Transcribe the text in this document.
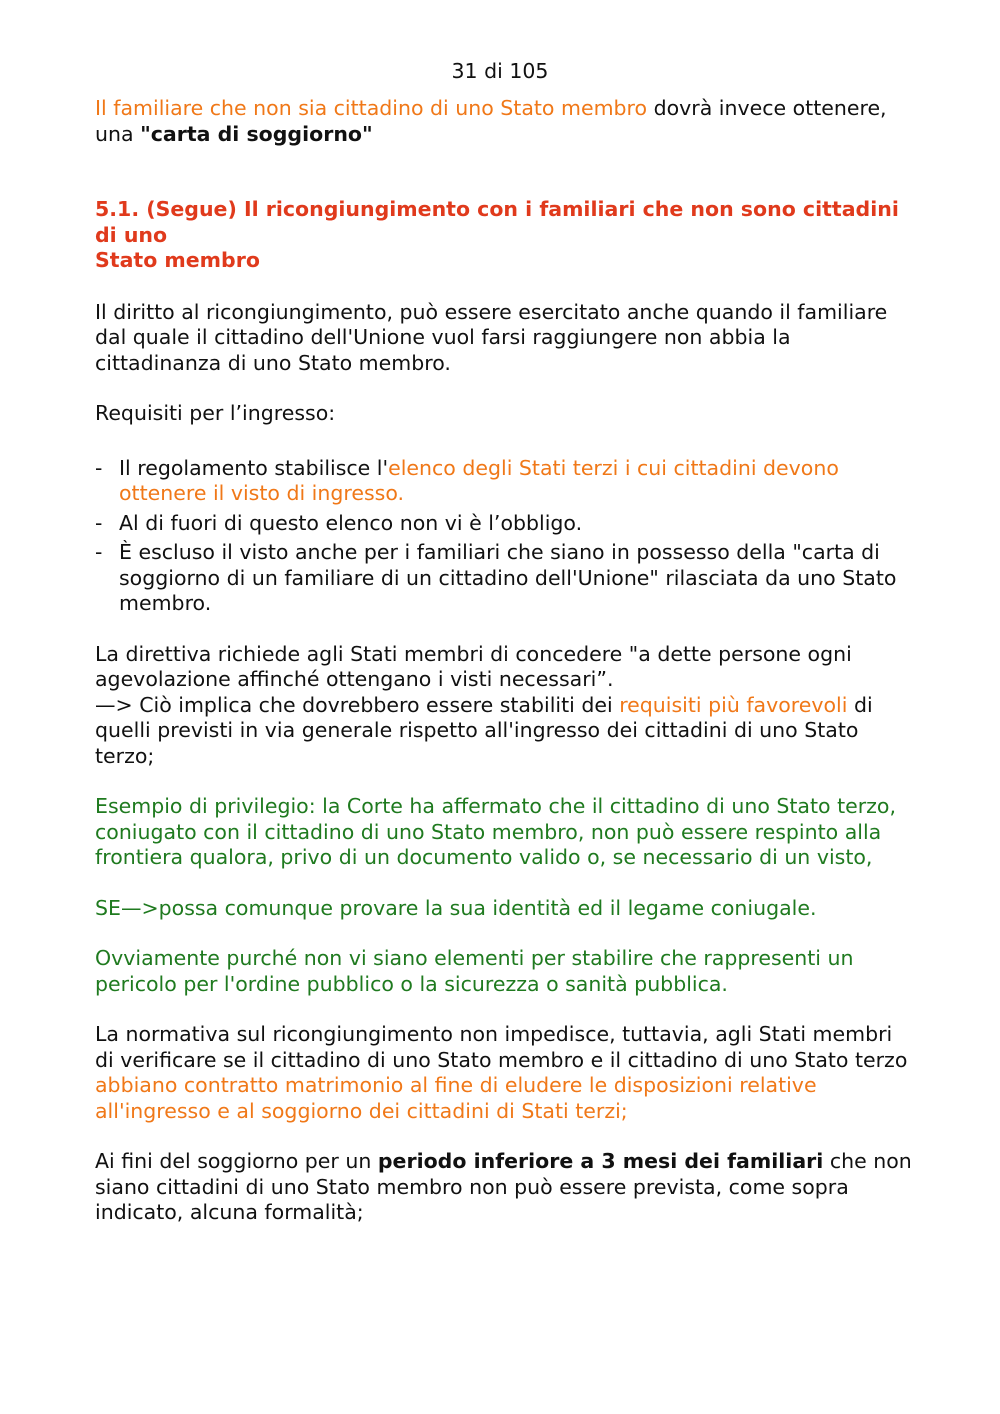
31 di 105

Il familiare che non sia cittadino di uno Stato membro dovrà invece ottenere, una "carta di soggiorno"

5.1. (Segue) Il ricongiungimento con i familiari che non sono cittadini di uno
Stato membro

Il diritto al ricongiungimento, può essere esercitato anche quando il familiare dal quale il cittadino dell'Unione vuol farsi raggiungere non abbia la cittadinanza di uno Stato membro.

Requisiti per l’ingresso:

- Il regolamento stabilisce l'elenco degli Stati terzi i cui cittadini devono ottenere il visto di ingresso.
- Al di fuori di questo elenco non vi è l’obbligo.
- È escluso il visto anche per i familiari che siano in possesso della "carta di soggiorno di un familiare di un cittadino dell'Unione" rilasciata da uno Stato membro.

La direttiva richiede agli Stati membri di concedere "a dette persone ogni agevolazione affinché ottengano i visti necessari”.
—> Ciò implica che dovrebbero essere stabiliti dei requisiti più favorevoli di quelli previsti in via generale rispetto all'ingresso dei cittadini di uno Stato terzo;

Esempio di privilegio: la Corte ha affermato che il cittadino di uno Stato terzo, coniugato con il cittadino di uno Stato membro, non può essere respinto alla frontiera qualora, privo di un documento valido o, se necessario di un visto,

SE—>possa comunque provare la sua identità ed il legame coniugale.

Ovviamente purché non vi siano elementi per stabilire che rappresenti un pericolo per l'ordine pubblico o la sicurezza o sanità pubblica.

La normativa sul ricongiungimento non impedisce, tuttavia, agli Stati membri di verificare se il cittadino di uno Stato membro e il cittadino di uno Stato terzo abbiano contratto matrimonio al fine di eludere le disposizioni relative all'ingresso e al soggiorno dei cittadini di Stati terzi;

Ai fini del soggiorno per un periodo inferiore a 3 mesi dei familiari che non siano cittadini di uno Stato membro non può essere prevista, come sopra indicato, alcuna formalità;
